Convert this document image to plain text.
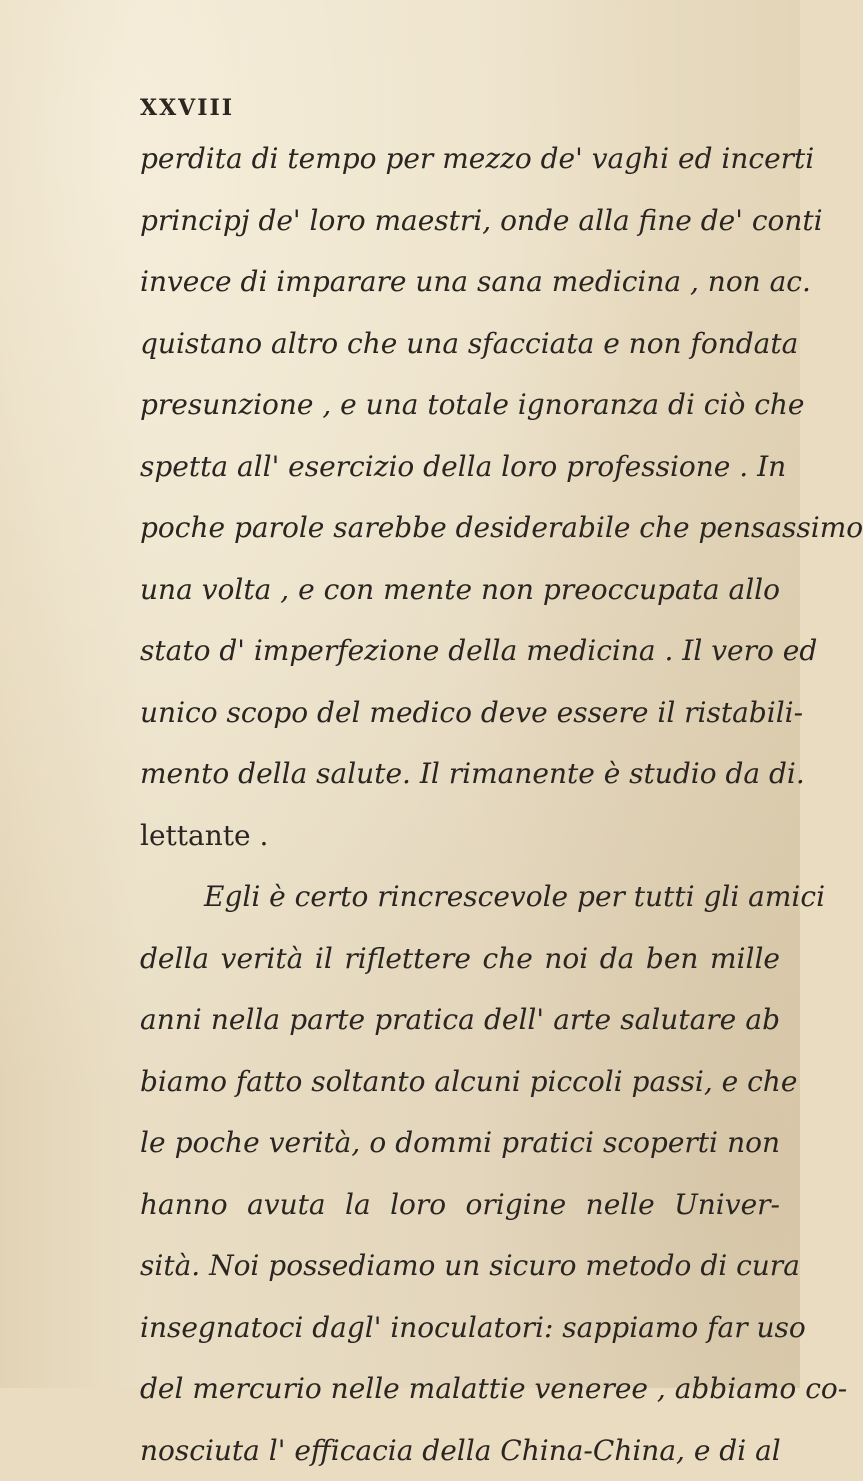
XXVIII
perdita di tempo per mezzo de' vaghi ed incerti
principj de' loro maestri, onde alla fine de' conti
invece di imparare una sana medicina , non ac.
quistano altro che una sfacciata e non fondata
presunzione , e una totale ignoranza di ciò che
spetta all' esercizio della loro professione . In
poche parole sarebbe desiderabile che pensassimo
una volta , e con mente non preoccupata allo
stato d' imperfezione della medicina . Il vero ed
unico scopo del medico deve essere il ristabili-
mento della salute. Il rimanente è studio da di.
lettante .
Egli è certo rincrescevole per tutti gli amici
della verità il riflettere che noi da ben mille
anni nella parte pratica dell' arte salutare ab
biamo fatto soltanto alcuni piccoli passi, e che
le poche verità, o dommi pratici scoperti non
hanno avuta la loro origine nelle Univer-
sità. Noi possediamo un sicuro metodo di cura
insegnatoci dagl' inoculatori: sappiamo far uso
del mercurio nelle malattie veneree , abbiamo co-
nosciuta l' efficacia della China-China, e di al
